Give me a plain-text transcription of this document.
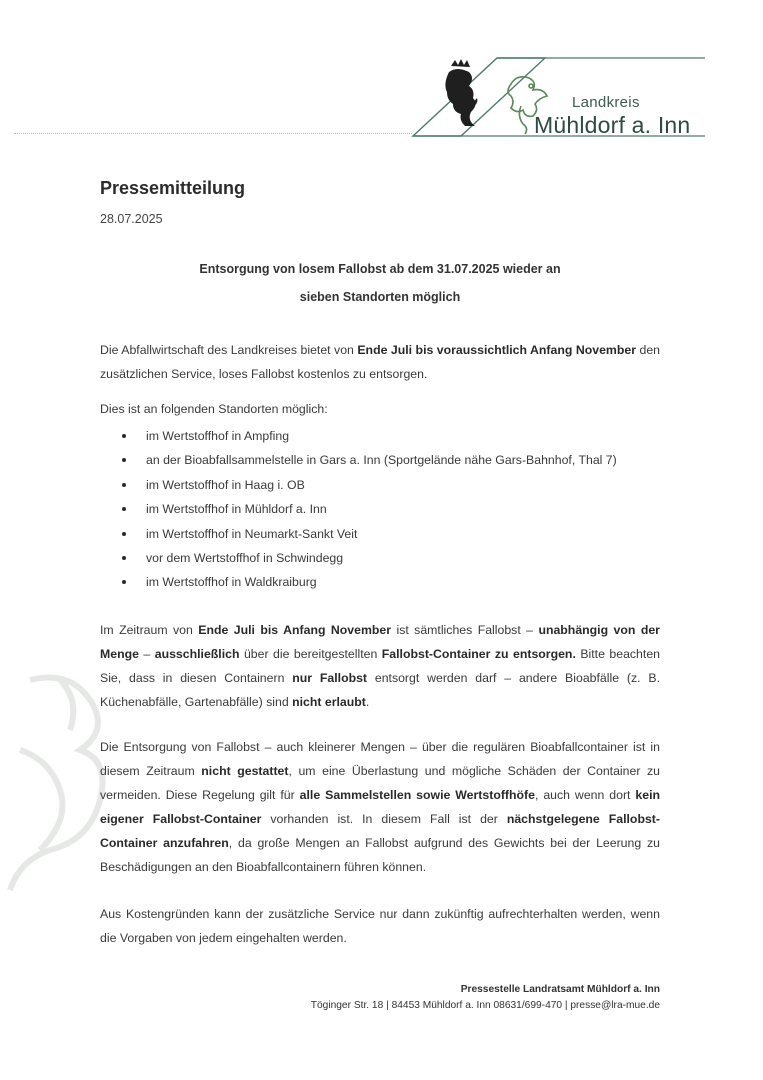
Landkreis
Mühldorf a. Inn
Pressemitteilung
28.07.2025
Entsorgung von losem Fallobst ab dem 31.07.2025 wieder an
sieben Standorten möglich
Die Abfallwirtschaft des Landkreises bietet von Ende Juli bis voraussichtlich Anfang November den zusätzlichen Service, loses Fallobst kostenlos zu entsorgen.
Dies ist an folgenden Standorten möglich:
im Wertstoffhof in Ampfing
an der Bioabfallsammelstelle in Gars a. Inn (Sportgelände nähe Gars-Bahnhof, Thal 7)
im Wertstoffhof in Haag i. OB
im Wertstoffhof in Mühldorf a. Inn
im Wertstoffhof in Neumarkt-Sankt Veit
vor dem Wertstoffhof in Schwindegg
im Wertstoffhof in Waldkraiburg
Im Zeitraum von Ende Juli bis Anfang November ist sämtliches Fallobst – unabhängig von der Menge – ausschließlich über die bereitgestellten Fallobst-Container zu entsorgen. Bitte beachten Sie, dass in diesen Containern nur Fallobst entsorgt werden darf – andere Bioabfälle (z. B. Küchenabfälle, Gartenabfälle) sind nicht erlaubt.
Die Entsorgung von Fallobst – auch kleinerer Mengen – über die regulären Bioabfallcontainer ist in diesem Zeitraum nicht gestattet, um eine Überlastung und mögliche Schäden der Container zu vermeiden. Diese Regelung gilt für alle Sammelstellen sowie Wertstoffhöfe, auch wenn dort kein eigener Fallobst-Container vorhanden ist. In diesem Fall ist der nächstgelegene Fallobst-Container anzufahren, da große Mengen an Fallobst aufgrund des Gewichts bei der Leerung zu Beschädigungen an den Bioabfallcontainern führen können.
Aus Kostengründen kann der zusätzliche Service nur dann zukünftig aufrechterhalten werden, wenn die Vorgaben von jedem eingehalten werden.
Pressestelle Landratsamt Mühldorf a. Inn
Töginger Str. 18 | 84453 Mühldorf a. Inn 08631/699-470 | presse@lra-mue.de
